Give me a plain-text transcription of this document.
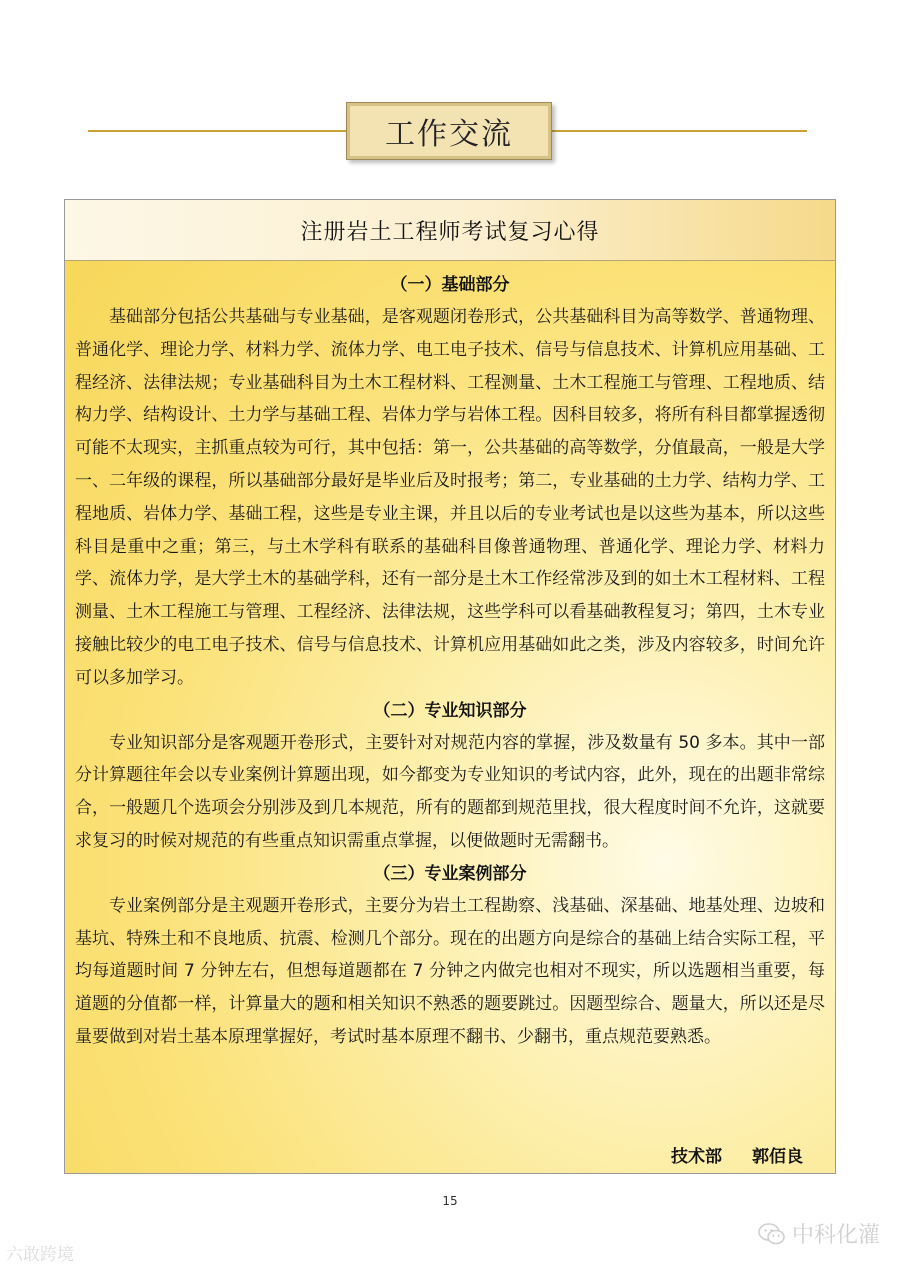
工作交流
注册岩土工程师考试复习心得
（一）基础部分

基础部分包括公共基础与专业基础，是客观题闭卷形式，公共基础科目为高等数学、普通物理、普通化学、理论力学、材料力学、流体力学、电工电子技术、信号与信息技术、计算机应用基础、工程经济、法律法规；专业基础科目为土木工程材料、工程测量、土木工程施工与管理、工程地质、结构力学、结构设计、土力学与基础工程、岩体力学与岩体工程。因科目较多，将所有科目都掌握透彻可能不太现实，主抓重点较为可行，其中包括：第一，公共基础的高等数学，分值最高，一般是大学一、二年级的课程，所以基础部分最好是毕业后及时报考；第二，专业基础的土力学、结构力学、工程地质、岩体力学、基础工程，这些是专业主课，并且以后的专业考试也是以这些为基本，所以这些科目是重中之重；第三，与土木学科有联系的基础科目像普通物理、普通化学、理论力学、材料力学、流体力学，是大学土木的基础学科，还有一部分是土木工作经常涉及到的如土木工程材料、工程测量、土木工程施工与管理、工程经济、法律法规，这些学科可以看基础教程复习；第四，土木专业接触比较少的电工电子技术、信号与信息技术、计算机应用基础如此之类，涉及内容较多，时间允许可以多加学习。

（二）专业知识部分

专业知识部分是客观题开卷形式，主要针对对规范内容的掌握，涉及数量有 50 多本。其中一部分计算题往年会以专业案例计算题出现，如今都变为专业知识的考试内容，此外，现在的出题非常综合，一般题几个选项会分别涉及到几本规范，所有的题都到规范里找，很大程度时间不允许，这就要求复习的时候对规范的有些重点知识需重点掌握，以便做题时无需翻书。

（三）专业案例部分

专业案例部分是主观题开卷形式，主要分为岩土工程勘察、浅基础、深基础、地基处理、边坡和基坑、特殊土和不良地质、抗震、检测几个部分。现在的出题方向是综合的基础上结合实际工程，平均每道题时间 7 分钟左右，但想每道题都在 7 分钟之内做完也相对不现实，所以选题相当重要，每道题的分值都一样，计算量大的题和相关知识不熟悉的题要跳过。因题型综合、题量大，所以还是尽量要做到对岩土基本原理掌握好，考试时基本原理不翻书、少翻书，重点规范要熟悉。

技术部 郭佰良
15
六敢跨境
中科化灌
